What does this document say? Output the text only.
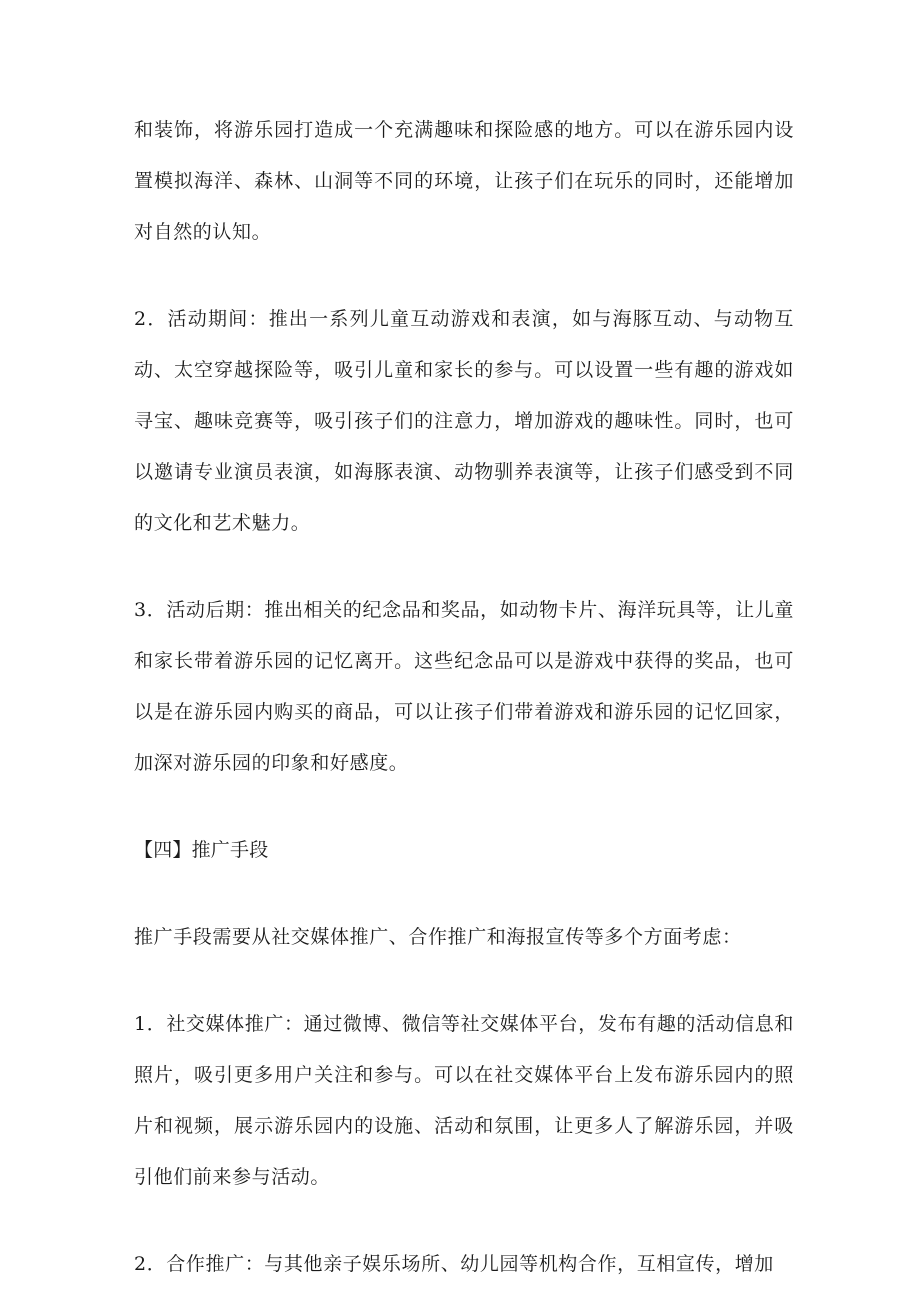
和装饰，将游乐园打造成一个充满趣味和探险感的地方。可以在游乐园内设置模拟海洋、森林、山洞等不同的环境，让孩子们在玩乐的同时，还能增加对自然的认知。

2．活动期间：推出一系列儿童互动游戏和表演，如与海豚互动、与动物互动、太空穿越探险等，吸引儿童和家长的参与。可以设置一些有趣的游戏如寻宝、趣味竞赛等，吸引孩子们的注意力，增加游戏的趣味性。同时，也可以邀请专业演员表演，如海豚表演、动物驯养表演等，让孩子们感受到不同的文化和艺术魅力。

3．活动后期：推出相关的纪念品和奖品，如动物卡片、海洋玩具等，让儿童和家长带着游乐园的记忆离开。这些纪念品可以是游戏中获得的奖品，也可以是在游乐园内购买的商品，可以让孩子们带着游戏和游乐园的记忆回家，加深对游乐园的印象和好感度。

【四】推广手段

推广手段需要从社交媒体推广、合作推广和海报宣传等多个方面考虑：

1．社交媒体推广：通过微博、微信等社交媒体平台，发布有趣的活动信息和照片，吸引更多用户关注和参与。可以在社交媒体平台上发布游乐园内的照片和视频，展示游乐园内的设施、活动和氛围，让更多人了解游乐园，并吸引他们前来参与活动。

2．合作推广：与其他亲子娱乐场所、幼儿园等机构合作，互相宣传，增加
